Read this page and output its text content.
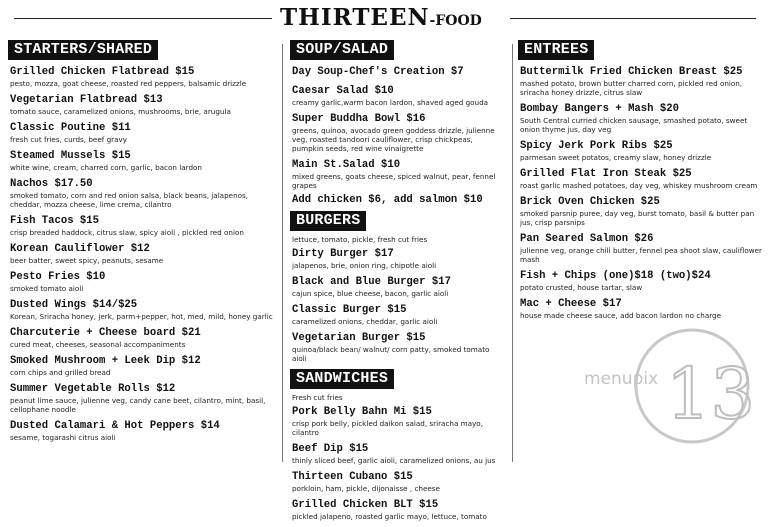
THIRTEEN-FOOD
STARTERS/SHARED
Grilled Chicken Flatbread $15
pesto, mozza, goat cheese, roasted red peppers, balsamic drizzle
Vegetarian Flatbread $13
tomato sauce, caramelized onions, mushrooms, brie, arugula
Classic Poutine $11
fresh cut fries, curds, beef gravy
Steamed Mussels $15
white wine, cream, charred corn, garlic, bacon lardon
Nachos $17.50
smoked tomato, corn and red onion salsa, black beans, jalapenos, cheddar, mozza cheese, lime crema, cilantro
Fish Tacos $15
crisp breaded haddock, citrus slaw, spicy aioli , pickled red onion
Korean Cauliflower $12
beer batter, sweet spicy, peanuts, sesame
Pesto Fries $10
smoked tomato aioli
Dusted Wings $14/$25
Korean, Sriracha honey, jerk, parm+pepper, hot, med, mild, honey garlic
Charcuterie + Cheese board $21
cured meat, cheeses, seasonal accompaniments
Smoked Mushroom + Leek Dip $12
corn chips and grilled bread
Summer Vegetable Rolls $12
peanut lime sauce, julienne veg, candy cane beet, cilantro, mint, basil, cellophane noodle
Dusted Calamari & Hot Peppers $14
sesame, togarashi citrus aioli
SOUP/SALAD
Day Soup-Chef's Creation $7
Caesar Salad $10
creamy garlic,warm bacon lardon, shaved aged gouda
Super Buddha Bowl $16
greens, quinoa, avocado green goddess drizzle, julienne veg, roasted tandoori cauliflower, crisp chickpeas, pumpkin seeds, red wine vinaigrette
Main St.Salad $10
mixed greens, goats cheese, spiced walnut, pear, fennel grapes
Add chicken $6, add salmon $10
BURGERS
lettuce, tomato, pickle, fresh cut fries
Dirty Burger $17
jalapenos, brie, onion ring, chipotle aioli
Black and Blue Burger $17
cajun spice, blue cheese, bacon, garlic aioli
Classic Burger $15
caramelized onions, cheddar, garlic aioli
Vegetarian Burger $15
quinoa/black bean/ walnut/ corn patty, smoked tomato aioli
SANDWICHES
Fresh cut fries
Pork Belly Bahn Mi $15
crisp pork belly, pickled daikon salad, sriracha mayo, cilantro
Beef Dip $15
thinly sliced beef, garlic aioli, caramelized onions, au jus
Thirteen Cubano $15
porkloin, ham, pickle, dijonaisse , cheese
Grilled Chicken BLT $15
pickled jalapeno, roasted garlic mayo, lettuce, tomato
ENTREES
Buttermilk Fried Chicken Breast $25
mashed potato, brown butter charred corn, pickled red onion, sriracha honey drizzle, citrus slaw
Bombay Bangers + Mash $20
South Central curried chicken sausage, smashed potato, sweet onion thyme jus, day veg
Spicy Jerk Pork Ribs $25
parmesan sweet potatos, creamy slaw, honey drizzle
Grilled Flat Iron Steak $25
roast garlic mashed potatoes, day veg, whiskey mushroom cream
Brick Oven Chicken $25
smoked parsnip puree, day veg, burst tomato, basil & butter pan jus, crisp parsnips
Pan Seared Salmon $26
julienne veg, orange chili butter, fennel pea shoot slaw, cauliflower mash
Fish + Chips (one)$18 (two)$24
potato crusted, house tartar, slaw
Mac + Cheese $17
house made cheese sauce, add bacon lardon no charge
menupix 13
